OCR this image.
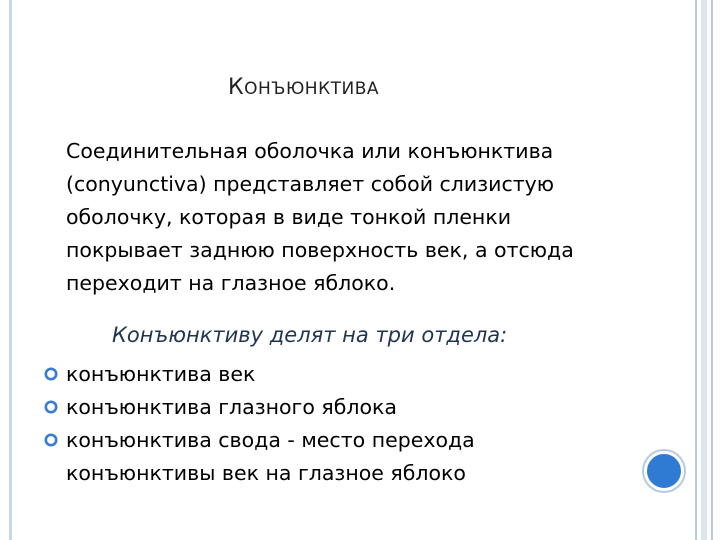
КОНЪЮНКТИВА
Соединительная оболочка или конъюнктива
(conyunctiva) представляет собой слизистую
оболочку, которая в виде тонкой пленки
покрывает заднюю поверхность век, а отсюда
переходит на глазное яблоко.
Конъюнктиву делят на три отдела:
конъюнктива век
конъюнктива глазного яблока
конъюнктива свода - место перехода
конъюнктивы век на глазное яблоко
